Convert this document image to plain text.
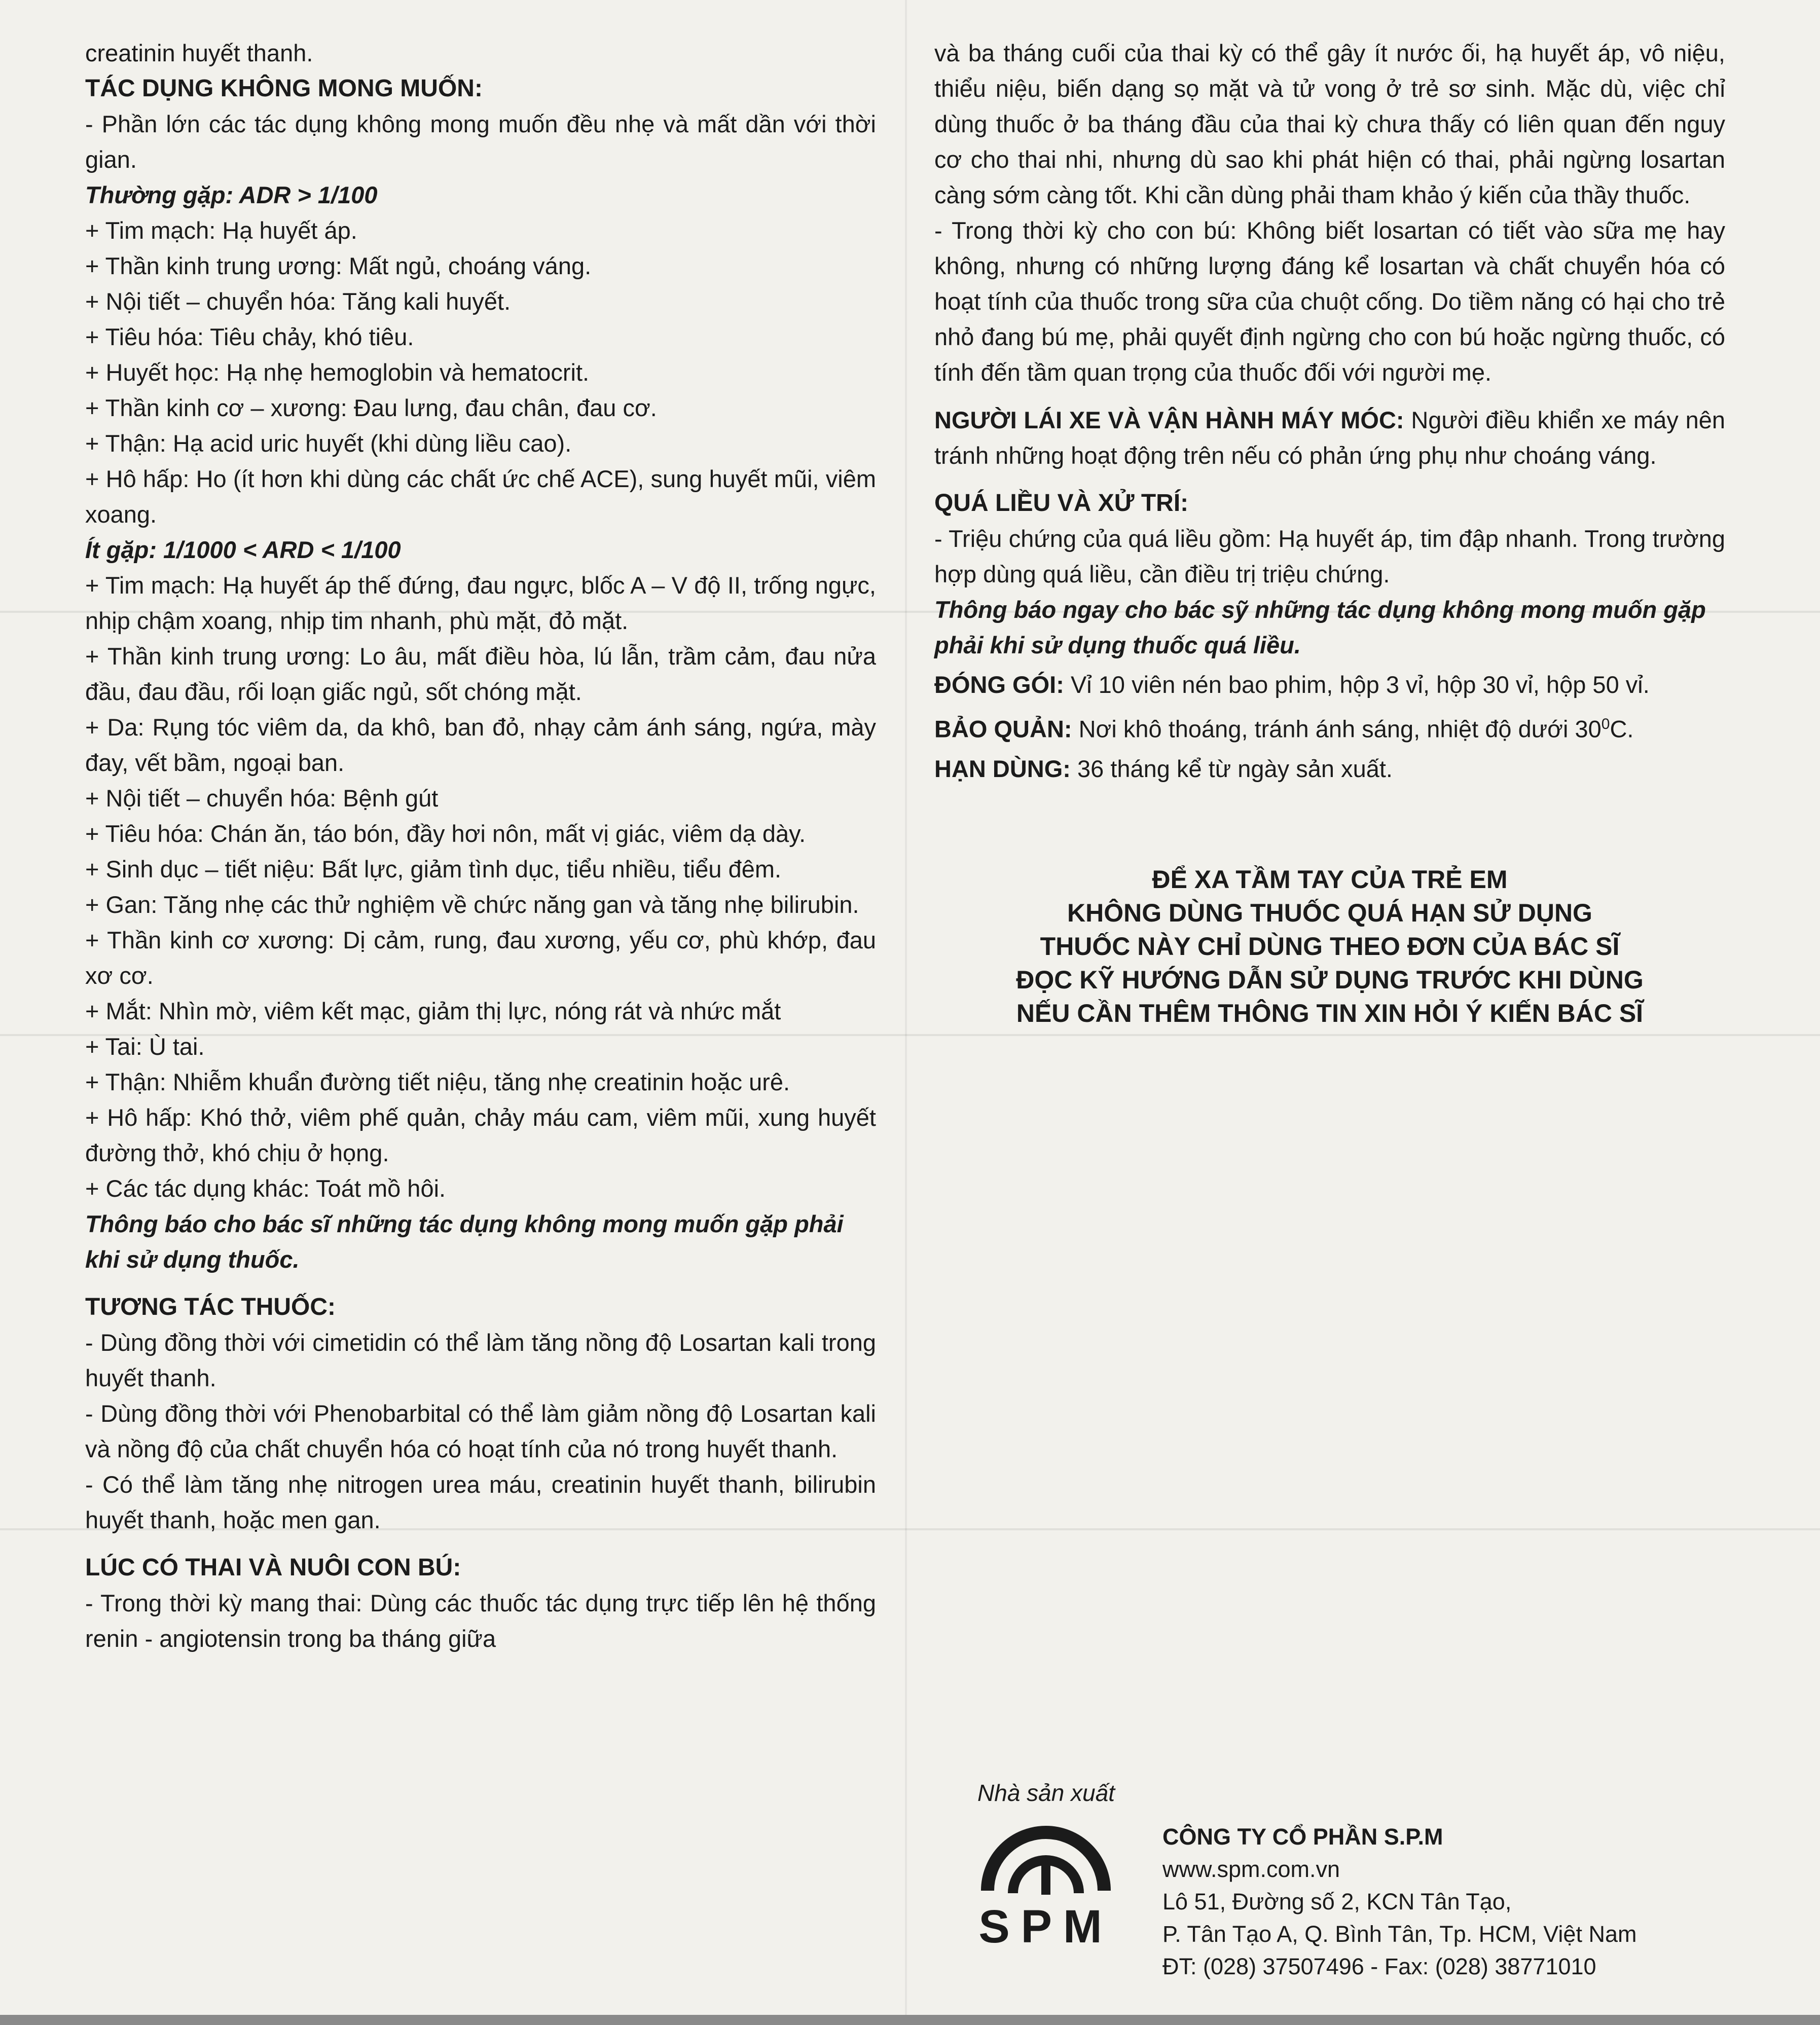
creatinin huyết thanh.

TÁC DỤNG KHÔNG MONG MUỐN:

- Phần lớn các tác dụng không mong muốn đều nhẹ và mất dần với thời gian.

Thường gặp: ADR > 1/100

+ Tim mạch: Hạ huyết áp.

+ Thần kinh trung ương: Mất ngủ, choáng váng.

+ Nội tiết – chuyển hóa: Tăng kali huyết.

+ Tiêu hóa: Tiêu chảy, khó tiêu.

+ Huyết học: Hạ nhẹ hemoglobin và hematocrit.

+ Thần kinh cơ – xương: Đau lưng, đau chân, đau cơ.

+ Thận: Hạ acid uric huyết (khi dùng liều cao).

+ Hô hấp: Ho (ít hơn khi dùng các chất ức chế ACE), sung huyết mũi, viêm xoang.

Ít gặp: 1/1000 < ARD < 1/100

+ Tim mạch: Hạ huyết áp thế đứng, đau ngực, blốc A – V độ II, trống ngực, nhịp chậm xoang, nhịp tim nhanh, phù mặt, đỏ mặt.

+ Thần kinh trung ương: Lo âu, mất điều hòa, lú lẫn, trầm cảm, đau nửa đầu, đau đầu, rối loạn giấc ngủ, sốt chóng mặt.

+ Da: Rụng tóc viêm da, da khô, ban đỏ, nhạy cảm ánh sáng, ngứa, mày đay, vết bầm, ngoại ban.

+ Nội tiết – chuyển hóa: Bệnh gút

+ Tiêu hóa: Chán ăn, táo bón, đầy hơi nôn, mất vị giác, viêm dạ dày.

+ Sinh dục – tiết niệu: Bất lực, giảm tình dục, tiểu nhiều, tiểu đêm.

+ Gan: Tăng nhẹ các thử nghiệm về chức năng gan và tăng nhẹ bilirubin.

+ Thần kinh cơ xương: Dị cảm, rung, đau xương, yếu cơ, phù khớp, đau xơ cơ.

+ Mắt: Nhìn mờ, viêm kết mạc, giảm thị lực, nóng rát và nhức mắt

+ Tai: Ù tai.

+ Thận: Nhiễm khuẩn đường tiết niệu, tăng nhẹ creatinin hoặc urê.

+ Hô hấp: Khó thở, viêm phế quản, chảy máu cam, viêm mũi, xung huyết đường thở, khó chịu ở họng.

+ Các tác dụng khác: Toát mồ hôi.

Thông báo cho bác sĩ những tác dụng không mong muốn gặp phải khi sử dụng thuốc.

TƯƠNG TÁC THUỐC:

- Dùng đồng thời với cimetidin có thể làm tăng nồng độ Losartan kali trong huyết thanh.

- Dùng đồng thời với Phenobarbital có thể làm giảm nồng độ Losartan kali và nồng độ của chất chuyển hóa có hoạt tính của nó trong huyết thanh.

- Có thể làm tăng nhẹ nitrogen urea máu, creatinin huyết thanh, bilirubin huyết thanh, hoặc men gan.

LÚC CÓ THAI VÀ NUÔI CON BÚ:

- Trong thời kỳ mang thai: Dùng các thuốc tác dụng trực tiếp lên hệ thống renin - angiotensin trong ba tháng giữa

và ba tháng cuối của thai kỳ có thể gây ít nước ối, hạ huyết áp, vô niệu, thiểu niệu, biến dạng sọ mặt và tử vong ở trẻ sơ sinh. Mặc dù, việc chỉ dùng thuốc ở ba tháng đầu của thai kỳ chưa thấy có liên quan đến nguy cơ cho thai nhi, nhưng dù sao khi phát hiện có thai, phải ngừng losartan càng sớm càng tốt. Khi cần dùng phải tham khảo ý kiến của thầy thuốc.

- Trong thời kỳ cho con bú: Không biết losartan có tiết vào sữa mẹ hay không, nhưng có những lượng đáng kể losartan và chất chuyển hóa có hoạt tính của thuốc trong sữa của chuột cống. Do tiềm năng có hại cho trẻ nhỏ đang bú mẹ, phải quyết định ngừng cho con bú hoặc ngừng thuốc, có tính đến tầm quan trọng của thuốc đối với người mẹ.

NGƯỜI LÁI XE VÀ VẬN HÀNH MÁY MÓC: Người điều khiển xe máy nên tránh những hoạt động trên nếu có phản ứng phụ như choáng váng.

QUÁ LIỀU VÀ XỬ TRÍ:

- Triệu chứng của quá liều gồm: Hạ huyết áp, tim đập nhanh. Trong trường hợp dùng quá liều, cần điều trị triệu chứng.

Thông báo ngay cho bác sỹ những tác dụng không mong muốn gặp phải khi sử dụng thuốc quá liều.

ĐÓNG GÓI: Vỉ 10 viên nén bao phim, hộp 3 vỉ, hộp 30 vỉ, hộp 50 vỉ.

BẢO QUẢN: Nơi khô thoáng, tránh ánh sáng, nhiệt độ dưới $30^0C$.

HẠN DÙNG: 36 tháng kể từ ngày sản xuất.

ĐỂ XA TẦM TAY CỦA TRẺ EM
KHÔNG DÙNG THUỐC QUÁ HẠN SỬ DỤNG
THUỐC NÀY CHỈ DÙNG THEO ĐƠN CỦA BÁC SĨ
ĐỌC KỸ HƯỚNG DẪN SỬ DỤNG TRƯỚC KHI DÙNG
NẾU CẦN THÊM THÔNG TIN XIN HỎI Ý KIẾN BÁC SĨ
Nhà sản xuất
SPM
CÔNG TY CỔ PHẦN S.P.M
www.spm.com.vn
Lô 51, Đường số 2, KCN Tân Tạo,
P. Tân Tạo A, Q. Bình Tân, Tp. HCM, Việt Nam
ĐT: (028) 37507496 - Fax: (028) 38771010
